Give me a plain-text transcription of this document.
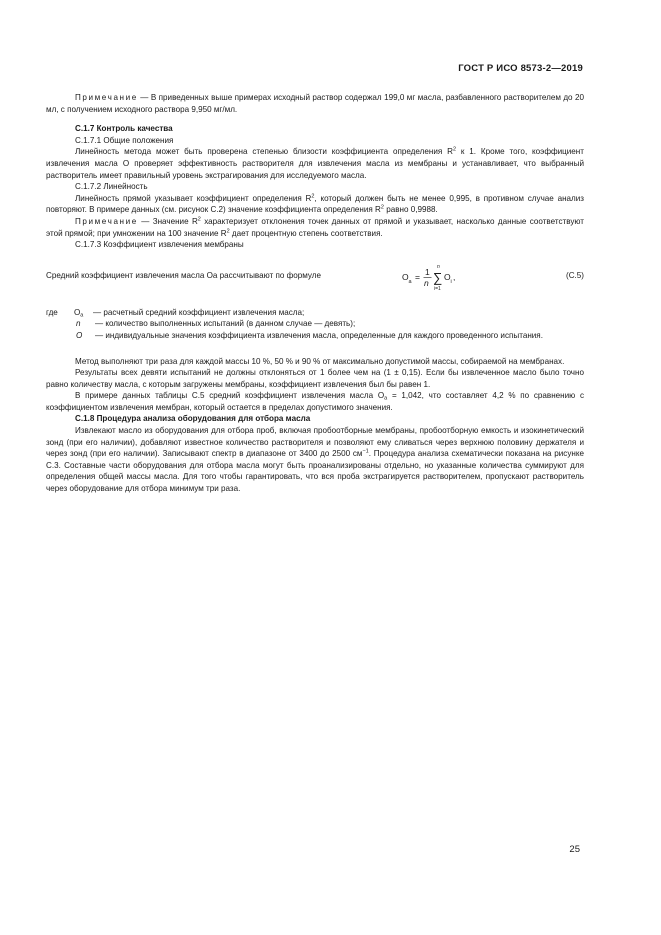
ГОСТ Р ИСО 8573-2—2019

Примечание — В приведенных выше примерах исходный раствор содержал 199,0 мг масла, разбавленного растворителем до 20 мл, с получением исходного раствора 9,950 мг/мл.

С.1.7 Контроль качества

С.1.7.1 Общие положения

Линейность метода может быть проверена степенью близости коэффициента определения $R^2$ к 1. Кроме того, коэффициент извлечения масла O проверяет эффективность растворителя для извлечения масла из мембраны и устанавливает, что выбранный растворитель имеет правильный уровень экстрагирования для исследуемого масла.

С.1.7.2 Линейность

Линейность прямой указывает коэффициент определения $R^2$, который должен быть не менее 0,995, в противном случае анализ повторяют. В примере данных (см. рисунок С.2) значение коэффициента определения $R^2$ равно 0,9988.

Примечание — Значение $R^2$ характеризует отклонения точек данных от прямой и указывает, насколько данные соответствуют этой прямой; при умножении на 100 значение $R^2$ дает процентную степень соответствия.

С.1.7.3 Коэффициент извлечения мембраны

Средний коэффициент извлечения масла Oa рассчитывают по формуле	O a = 1
n
n
∑
i=1
O i ,	(С.5)
где	$O_a$	— расчетный средний коэффициент извлечения масла;
n	— количество выполненных испытаний (в данном случае — девять);
O	— индивидуальные значения коэффициента извлечения масла, определенные для каждого проведенного испытания.

Метод выполняют три раза для каждой массы 10 %, 50 % и 90 % от максимально допустимой массы, собираемой на мембранах.

Результаты всех девяти испытаний не должны отклоняться от 1 более чем на (1 ± 0,15). Если бы извлеченное масло было точно равно количеству масла, с которым загружены мембраны, коэффициент извлечения был бы равен 1.

В примере данных таблицы С.5 средний коэффициент извлечения масла $O_a = 1,042$, что составляет 4,2 % по сравнению с коэффициентом извлечения мембран, который остается в пределах допустимого значения.

С.1.8 Процедура анализа оборудования для отбора масла

Извлекают масло из оборудования для отбора проб, включая пробоотборные мембраны, пробоотборную емкость и изокинетический зонд (при его наличии), добавляют известное количество растворителя и позволяют ему сливаться через верхнюю половину держателя и через зонд (при его наличии). Записывают спектр в диапазоне от 3400 до 2500 $см^{-1}$. Процедура анализа схематически показана на рисунке С.3. Составные части оборудования для отбора масла могут быть проанализированы отдельно, но указанные количества суммируют для определения общей массы масла. Для того чтобы гарантировать, что вся проба экстрагируется растворителем, пропускают растворитель через оборудование для отбора минимум три раза.

25
